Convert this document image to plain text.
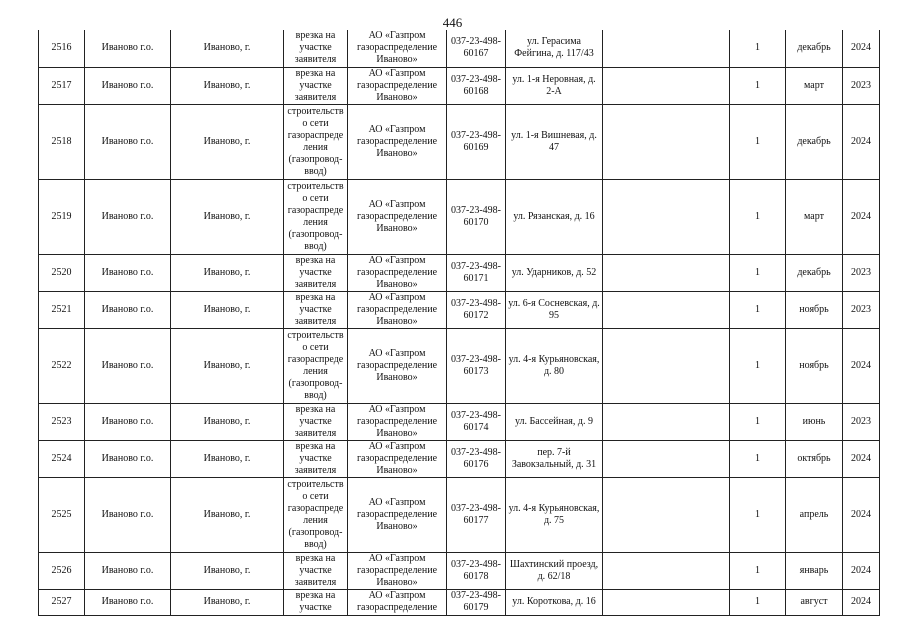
446
2516	Иваново г.о.	Иваново, г.	врезка на участке заявителя	АО «Газпром газораспределение Иваново»	037-23-498-60167	ул. Герасима Фейгина, д. 117/43		1	декабрь	2024
2517	Иваново г.о.	Иваново, г.	врезка на участке заявителя	АО «Газпром газораспределение Иваново»	037-23-498-60168	ул. 1-я Неровная, д. 2-А		1	март	2023
2518	Иваново г.о.	Иваново, г.	строительство сети газораспределения (газопровод-ввод)	АО «Газпром газораспределение Иваново»	037-23-498-60169	ул. 1-я Вишневая, д. 47		1	декабрь	2024
2519	Иваново г.о.	Иваново, г.	строительство сети газораспределения (газопровод-ввод)	АО «Газпром газораспределение Иваново»	037-23-498-60170	ул. Рязанская, д. 16		1	март	2024
2520	Иваново г.о.	Иваново, г.	врезка на участке заявителя	АО «Газпром газораспределение Иваново»	037-23-498-60171	ул. Ударников, д. 52		1	декабрь	2023
2521	Иваново г.о.	Иваново, г.	врезка на участке заявителя	АО «Газпром газораспределение Иваново»	037-23-498-60172	ул. 6-я Сосневская, д. 95		1	ноябрь	2023
2522	Иваново г.о.	Иваново, г.	строительство сети газораспределения (газопровод-ввод)	АО «Газпром газораспределение Иваново»	037-23-498-60173	ул. 4-я Курьяновская, д. 80		1	ноябрь	2024
2523	Иваново г.о.	Иваново, г.	врезка на участке заявителя	АО «Газпром газораспределение Иваново»	037-23-498-60174	ул. Бассейная, д. 9		1	июнь	2023
2524	Иваново г.о.	Иваново, г.	врезка на участке заявителя	АО «Газпром газораспределение Иваново»	037-23-498-60176	пер. 7-й Завокзальный, д. 31		1	октябрь	2024
2525	Иваново г.о.	Иваново, г.	строительство сети газораспределения (газопровод-ввод)	АО «Газпром газораспределение Иваново»	037-23-498-60177	ул. 4-я Курьяновская, д. 75		1	апрель	2024
2526	Иваново г.о.	Иваново, г.	врезка на участке заявителя	АО «Газпром газораспределение Иваново»	037-23-498-60178	Шахтинский проезд, д. 62/18		1	январь	2024
2527	Иваново г.о.	Иваново, г.	врезка на участке	АО «Газпром газораспределение	037-23-498-60179	ул. Короткова, д. 16		1	август	2024
